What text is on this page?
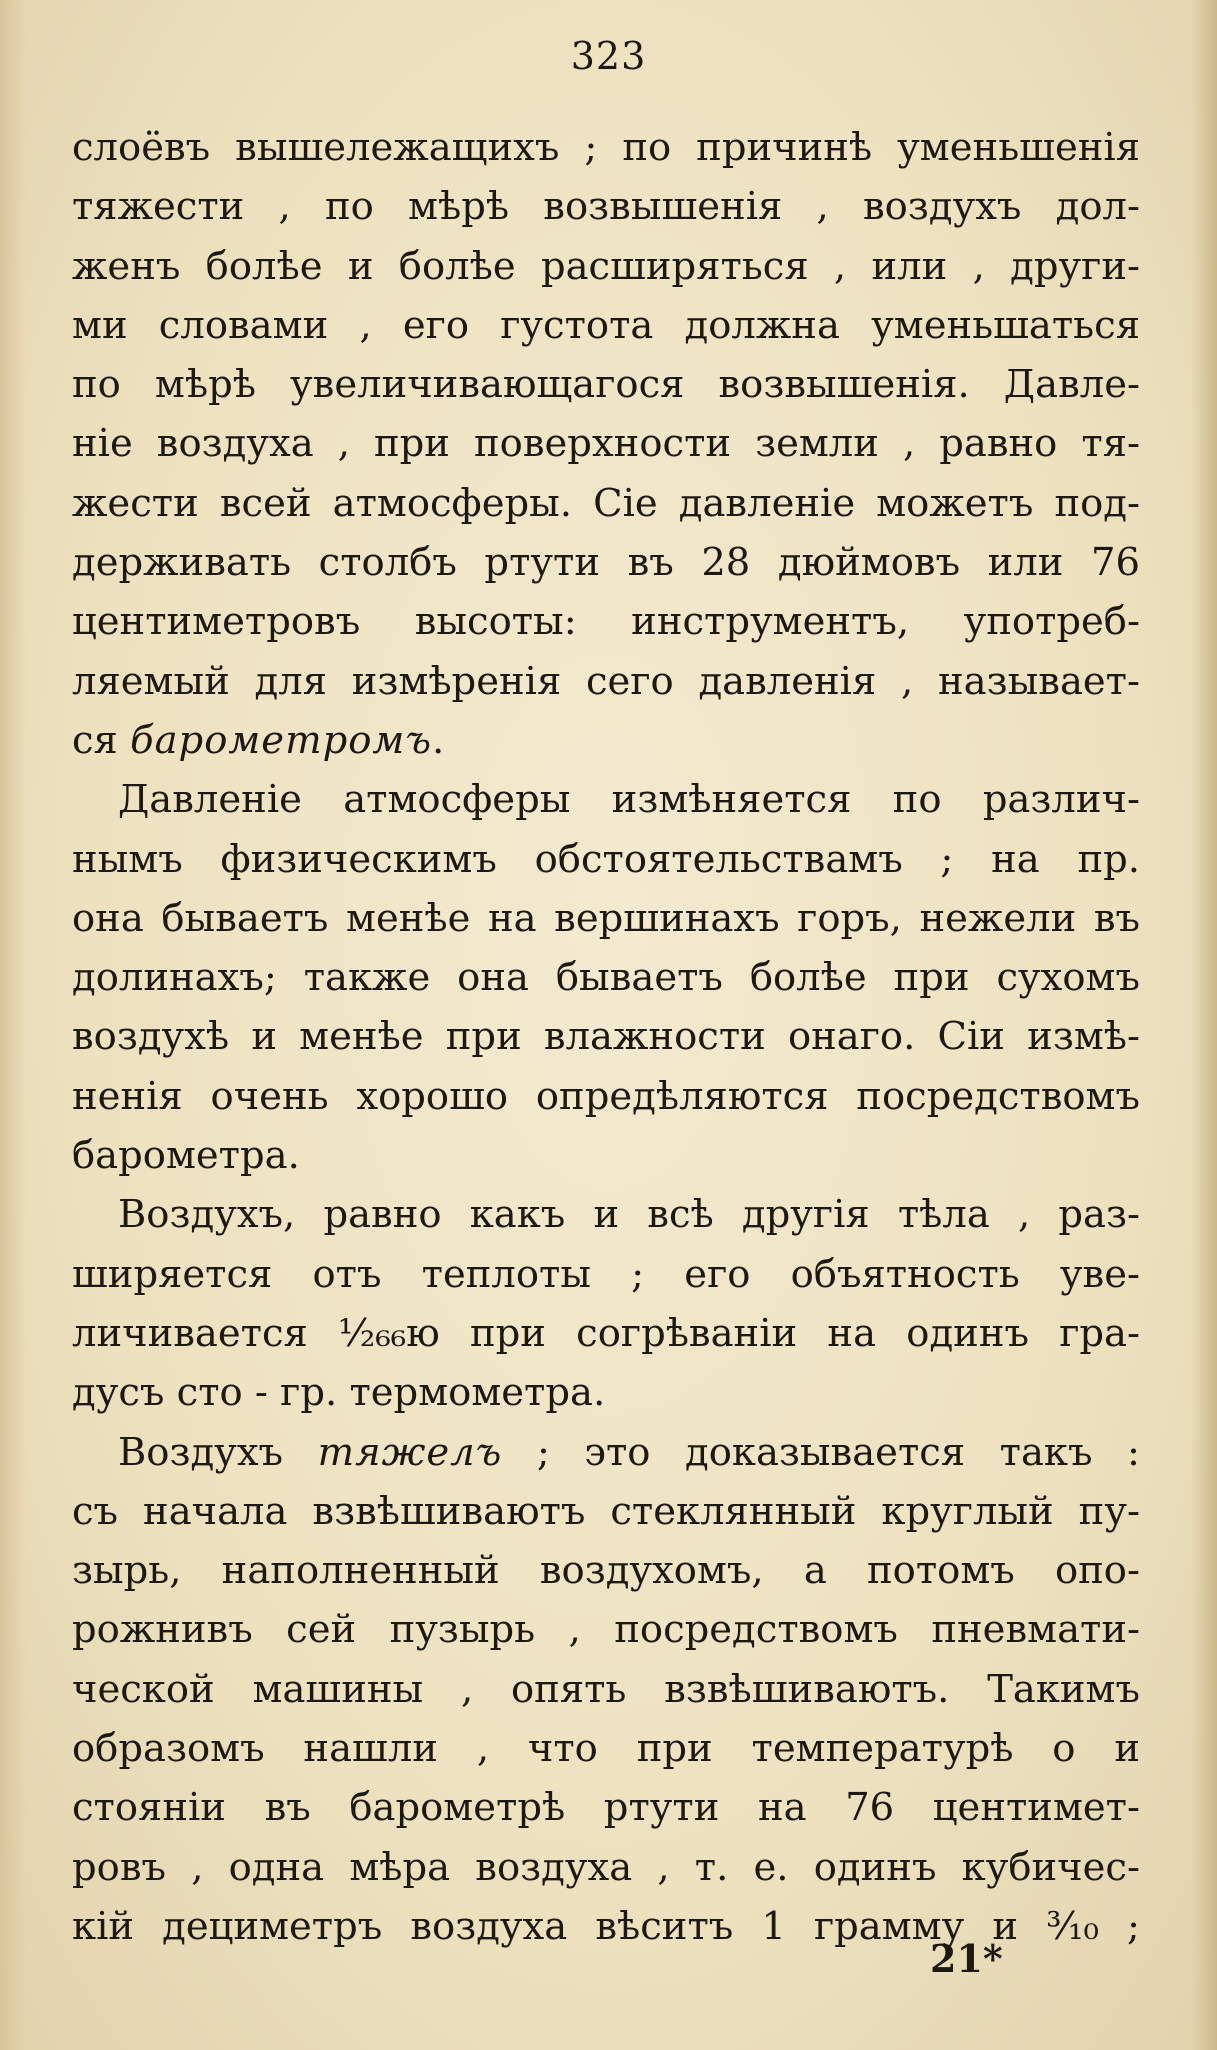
323
слоёвъ вышележащихъ ; по причинѣ уменьшенія
тяжести , по мѣрѣ возвышенія , воздухъ дол-
женъ болѣе и болѣе расширяться , или , други-
ми словами , его густота должна уменьшаться
по мѣрѣ увеличивающагося возвышенія. Давле-
ніе воздуха , при поверхности земли , равно тя-
жести всей атмосферы. Сіе давленіе можетъ под-
держивать столбъ ртути въ 28 дюймовъ или 76
центиметровъ высоты: инструментъ, употреб-
ляемый для измѣренія сего давленія , называет-
ся барометромъ.
Давленіе атмосферы измѣняется по различ-
нымъ физическимъ обстоятельствамъ ; на пр.
она бываетъ менѣе на вершинахъ горъ, нежели въ
долинахъ; также она бываетъ болѣе при сухомъ
воздухѣ и менѣе при влажности онаго. Сіи измѣ-
ненія очень хорошо опредѣляются посредствомъ
барометра.
Воздухъ, равно какъ и всѣ другія тѣла , раз-
ширяется отъ теплоты ; его объятность уве-
личивается ¹⁄₂₆₆ю при согрѣваніи на одинъ гра-
дусъ сто - гр. термометра.
Воздухъ тяжелъ ; это доказывается такъ :
съ начала взвѣшиваютъ стеклянный круглый пу-
зырь, наполненный воздухомъ, а потомъ опо-
рожнивъ сей пузырь , посредствомъ пневмати-
ческой машины , опять взвѣшиваютъ. Такимъ
образомъ нашли , что при температурѣ о и
стояніи въ барометрѣ ртути на 76 центимет-
ровъ , одна мѣра воздуха , т. е. одинъ кубичес-
кій дециметръ воздуха вѣситъ 1 грамму и ³⁄₁₀ ;
21*
